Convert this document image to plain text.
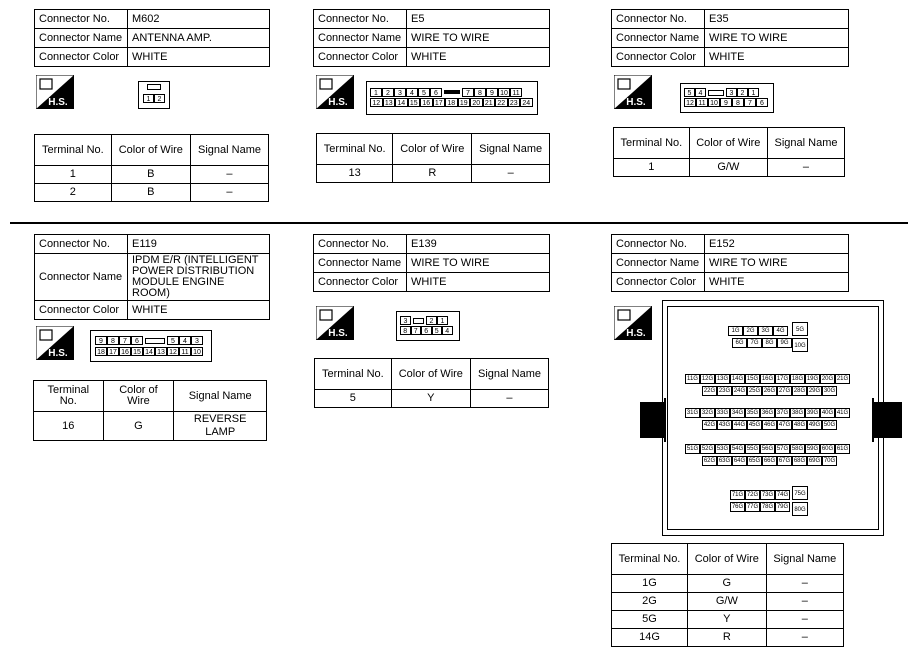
Connector No.	M602
Connector Name	ANTENNA AMP.
Connector Color	WHITE
Connector No.	E5
Connector Name	WIRE TO WIRE
Connector Color	WHITE
Connector No.	E35
Connector Name	WIRE TO WIRE
Connector Color	WHITE
Connector No.	E119
Connector Name	IPDM E/R (INTELLIGENT POWER DISTRIBUTION MODULE ENGINE ROOM)
Connector Color	WHITE
Connector No.	E139
Connector Name	WIRE TO WIRE
Connector Color	WHITE
Connector No.	E152
Connector Name	WIRE TO WIRE
Connector Color	WHITE
H.S.	H.S.	H.S.
H.S.
H.S.	H.S.
1	2
1	2	3	4	5	6	7	8	9 10 11
12 13 14 15 16 17 18 19 20 21 22 23 24
5	4	3	2	1
12 11 10 9	8	7	6
9	8	7	6	5	4	3
18 17 16 15 14 13 12 11 10
3	2	1
8 7 6 5 4	1G	2G	3G	4G
6G	7G	8G	9G
5G
10G
11G 12G 13G 14G 15G 16G 17G 18G 19G 20G 21G
22G 23G 24G 25G 26G 27G 28G 29G 30G
31G 32G 33G 34G 35G 36G 37G 38G 39G 40G 41G
42G 43G 44G 45G 46G 47G 48G 49G 50G
51G 52G 53G 54G 55G 56G 57G 58G 59G 60G 61G
62G 63G 64G 65G 66G 67G 68G 69G 70G
71G 72G 73G 74G
76G 77G 78G 79G
75G
80G
Terminal No.	Color of Wire	Signal Name
1	B	–
2	B	–
Terminal No.	Color of Wire	Signal Name
13	R	–
Terminal No.	Color of Wire	Signal Name
1	G/W	–
Terminal No.	Color of Wire	Signal Name
16	G	REVERSE LAMP
Terminal No.	Color of Wire	Signal Name
5	Y	–
Terminal No.	Color of Wire	Signal Name
1G	G	–
2G	G/W	–
5G	Y	–
14G	R	–
